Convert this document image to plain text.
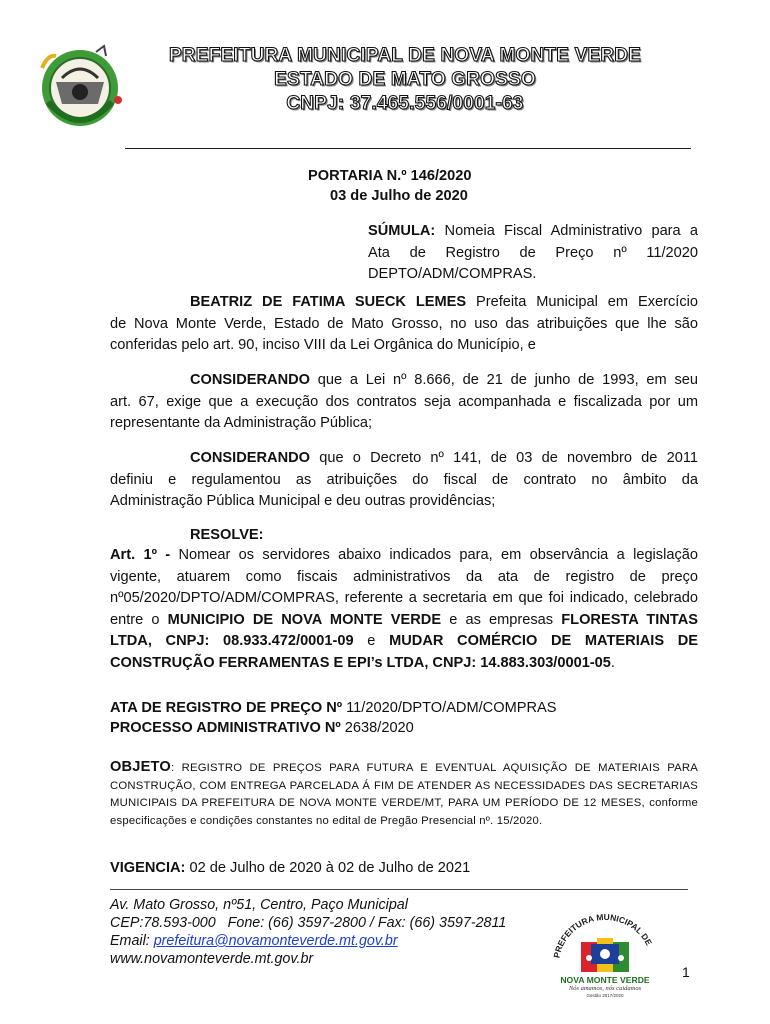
PREFEITURA MUNICIPAL DE NOVA MONTE VERDE
ESTADO DE MATO GROSSO
CNPJ: 37.465.556/0001-63
PORTARIA N.º 146/2020
03 de Julho de 2020
SÚMULA: Nomeia Fiscal Administrativo para a
Ata de Registro de Preço nº 11/2020
DEPTO/ADM/COMPRAS.
BEATRIZ DE FATIMA SUECK LEMES Prefeita Municipal em Exercício
de Nova Monte Verde, Estado de Mato Grosso, no uso das atribuições que lhe são
conferidas pelo art. 90, inciso VIII da Lei Orgânica do Município, e
CONSIDERANDO que a Lei nº 8.666, de 21 de junho de 1993, em seu
art. 67, exige que a execução dos contratos seja acompanhada e fiscalizada por um
representante da Administração Pública;
CONSIDERANDO que o Decreto nº 141, de 03 de novembro de 2011
definiu e regulamentou as atribuições do fiscal de contrato no âmbito da
Administração Pública Municipal e deu outras providências;
RESOLVE:
Art. 1º - Nomear os servidores abaixo indicados para, em observância a legislação vigente, atuarem como fiscais administrativos da ata de registro de preço nº05/2020/DPTO/ADM/COMPRAS, referente a secretaria em que foi indicado, celebrado entre o MUNICIPIO DE NOVA MONTE VERDE e as empresas FLORESTA TINTAS LTDA, CNPJ: 08.933.472/0001-09 e MUDAR COMÉRCIO DE MATERIAIS DE CONSTRUÇÃO FERRAMENTAS E EPI’s LTDA, CNPJ: 14.883.303/0001-05.
ATA DE REGISTRO DE PREÇO Nº 11/2020/DPTO/ADM/COMPRAS
PROCESSO ADMINISTRATIVO Nº 2638/2020
OBJETO: REGISTRO DE PREÇOS PARA FUTURA E EVENTUAL AQUISIÇÃO DE MATERIAIS PARA CONSTRUÇÃO, COM ENTREGA PARCELADA Á FIM DE ATENDER AS NECESSIDADES DAS SECRETARIAS MUNICIPAIS DA PREFEITURA DE NOVA MONTE VERDE/MT, PARA UM PERÍODO DE 12 MESES, conforme especificações e condições constantes no edital de Pregão Presencial nº. 15/2020.
VIGENCIA: 02 de Julho de 2020 à 02 de Julho de 2021
Av. Mato Grosso, nº51, Centro, Paço Municipal
CEP:78.593-000   Fone: (66) 3597-2800 / Fax: (66) 3597-2811
Email: prefeitura@novamonteverde.mt.gov.br
www.novamonteverde.mt.gov.br	PREFEITURA MUNICIPAL DE
NOVA MONTE VERDE
Nós amamos, nós cuidamos
Gestão 2017/2020
1
